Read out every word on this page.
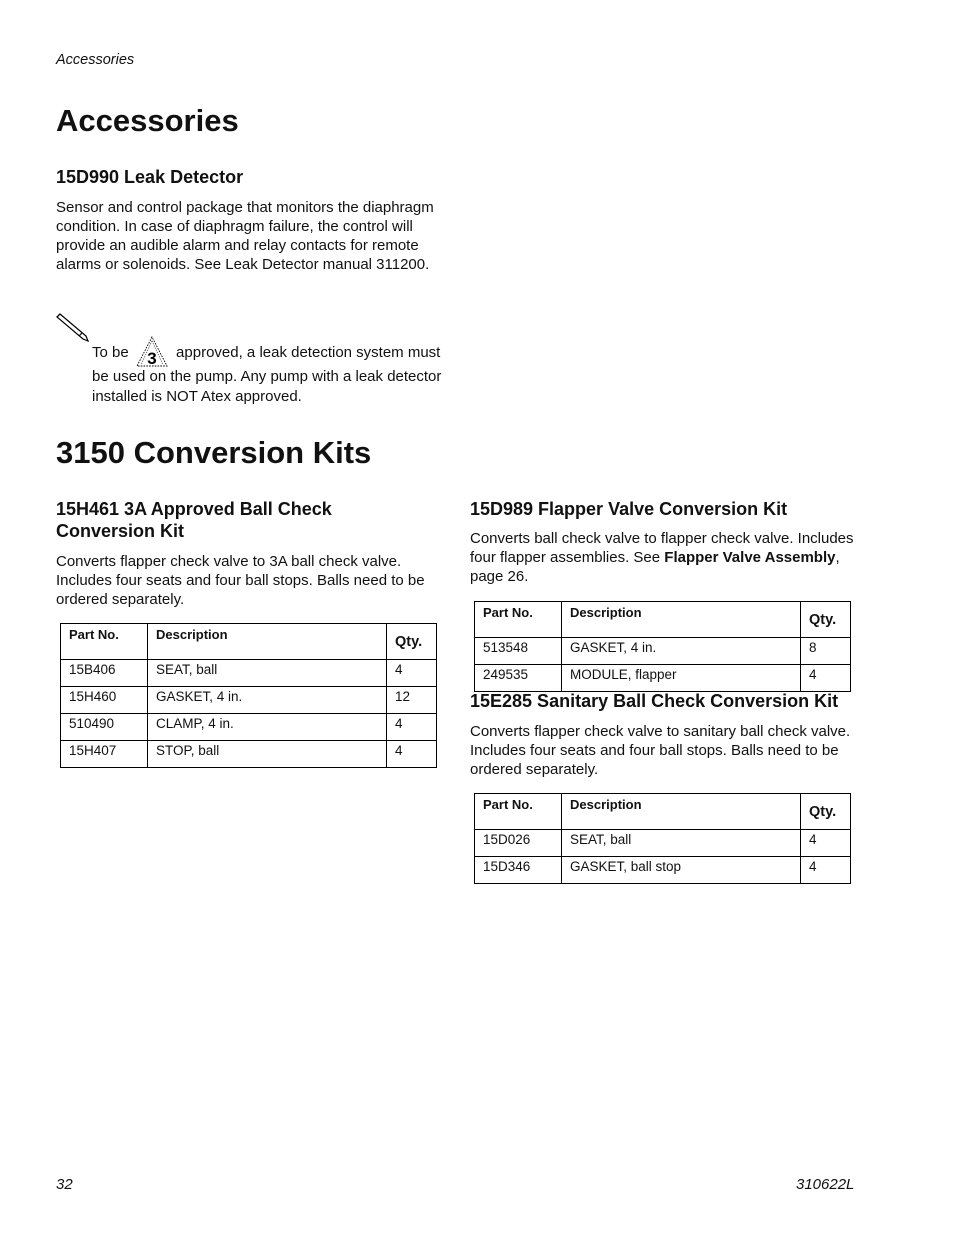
Accessories
Accessories
15D990 Leak Detector

Sensor and control package that monitors the diaphragm condition. In case of diaphragm failure, the control will provide an audible alarm and relay contacts for remote alarms or solenoids. See Leak Detector manual 311200.

To be 3 approved, a leak detection system must be used on the pump. Any pump with a leak detector installed is NOT Atex approved.

3150 Conversion Kits
15H461 3A Approved Ball Check Conversion Kit

Converts flapper check valve to 3A ball check valve. Includes four seats and four ball stops. Balls need to be ordered separately.

Part No.	Description	Qty.
15B406	SEAT, ball	4
15H460	GASKET, 4 in.	12
510490	CLAMP, 4 in.	4
15H407	STOP, ball	4
15D989 Flapper Valve Conversion Kit

Converts ball check valve to flapper check valve. Includes four flapper assemblies. See Flapper Valve Assembly, page 26.

Part No.	Description	Qty.
513548	GASKET, 4 in.	8
249535	MODULE, flapper	4
15E285 Sanitary Ball Check Conversion Kit

Converts flapper check valve to sanitary ball check valve. Includes four seats and four ball stops. Balls need to be ordered separately.

Part No.	Description	Qty.
15D026	SEAT, ball	4
15D346	GASKET, ball stop	4
32	310622L
